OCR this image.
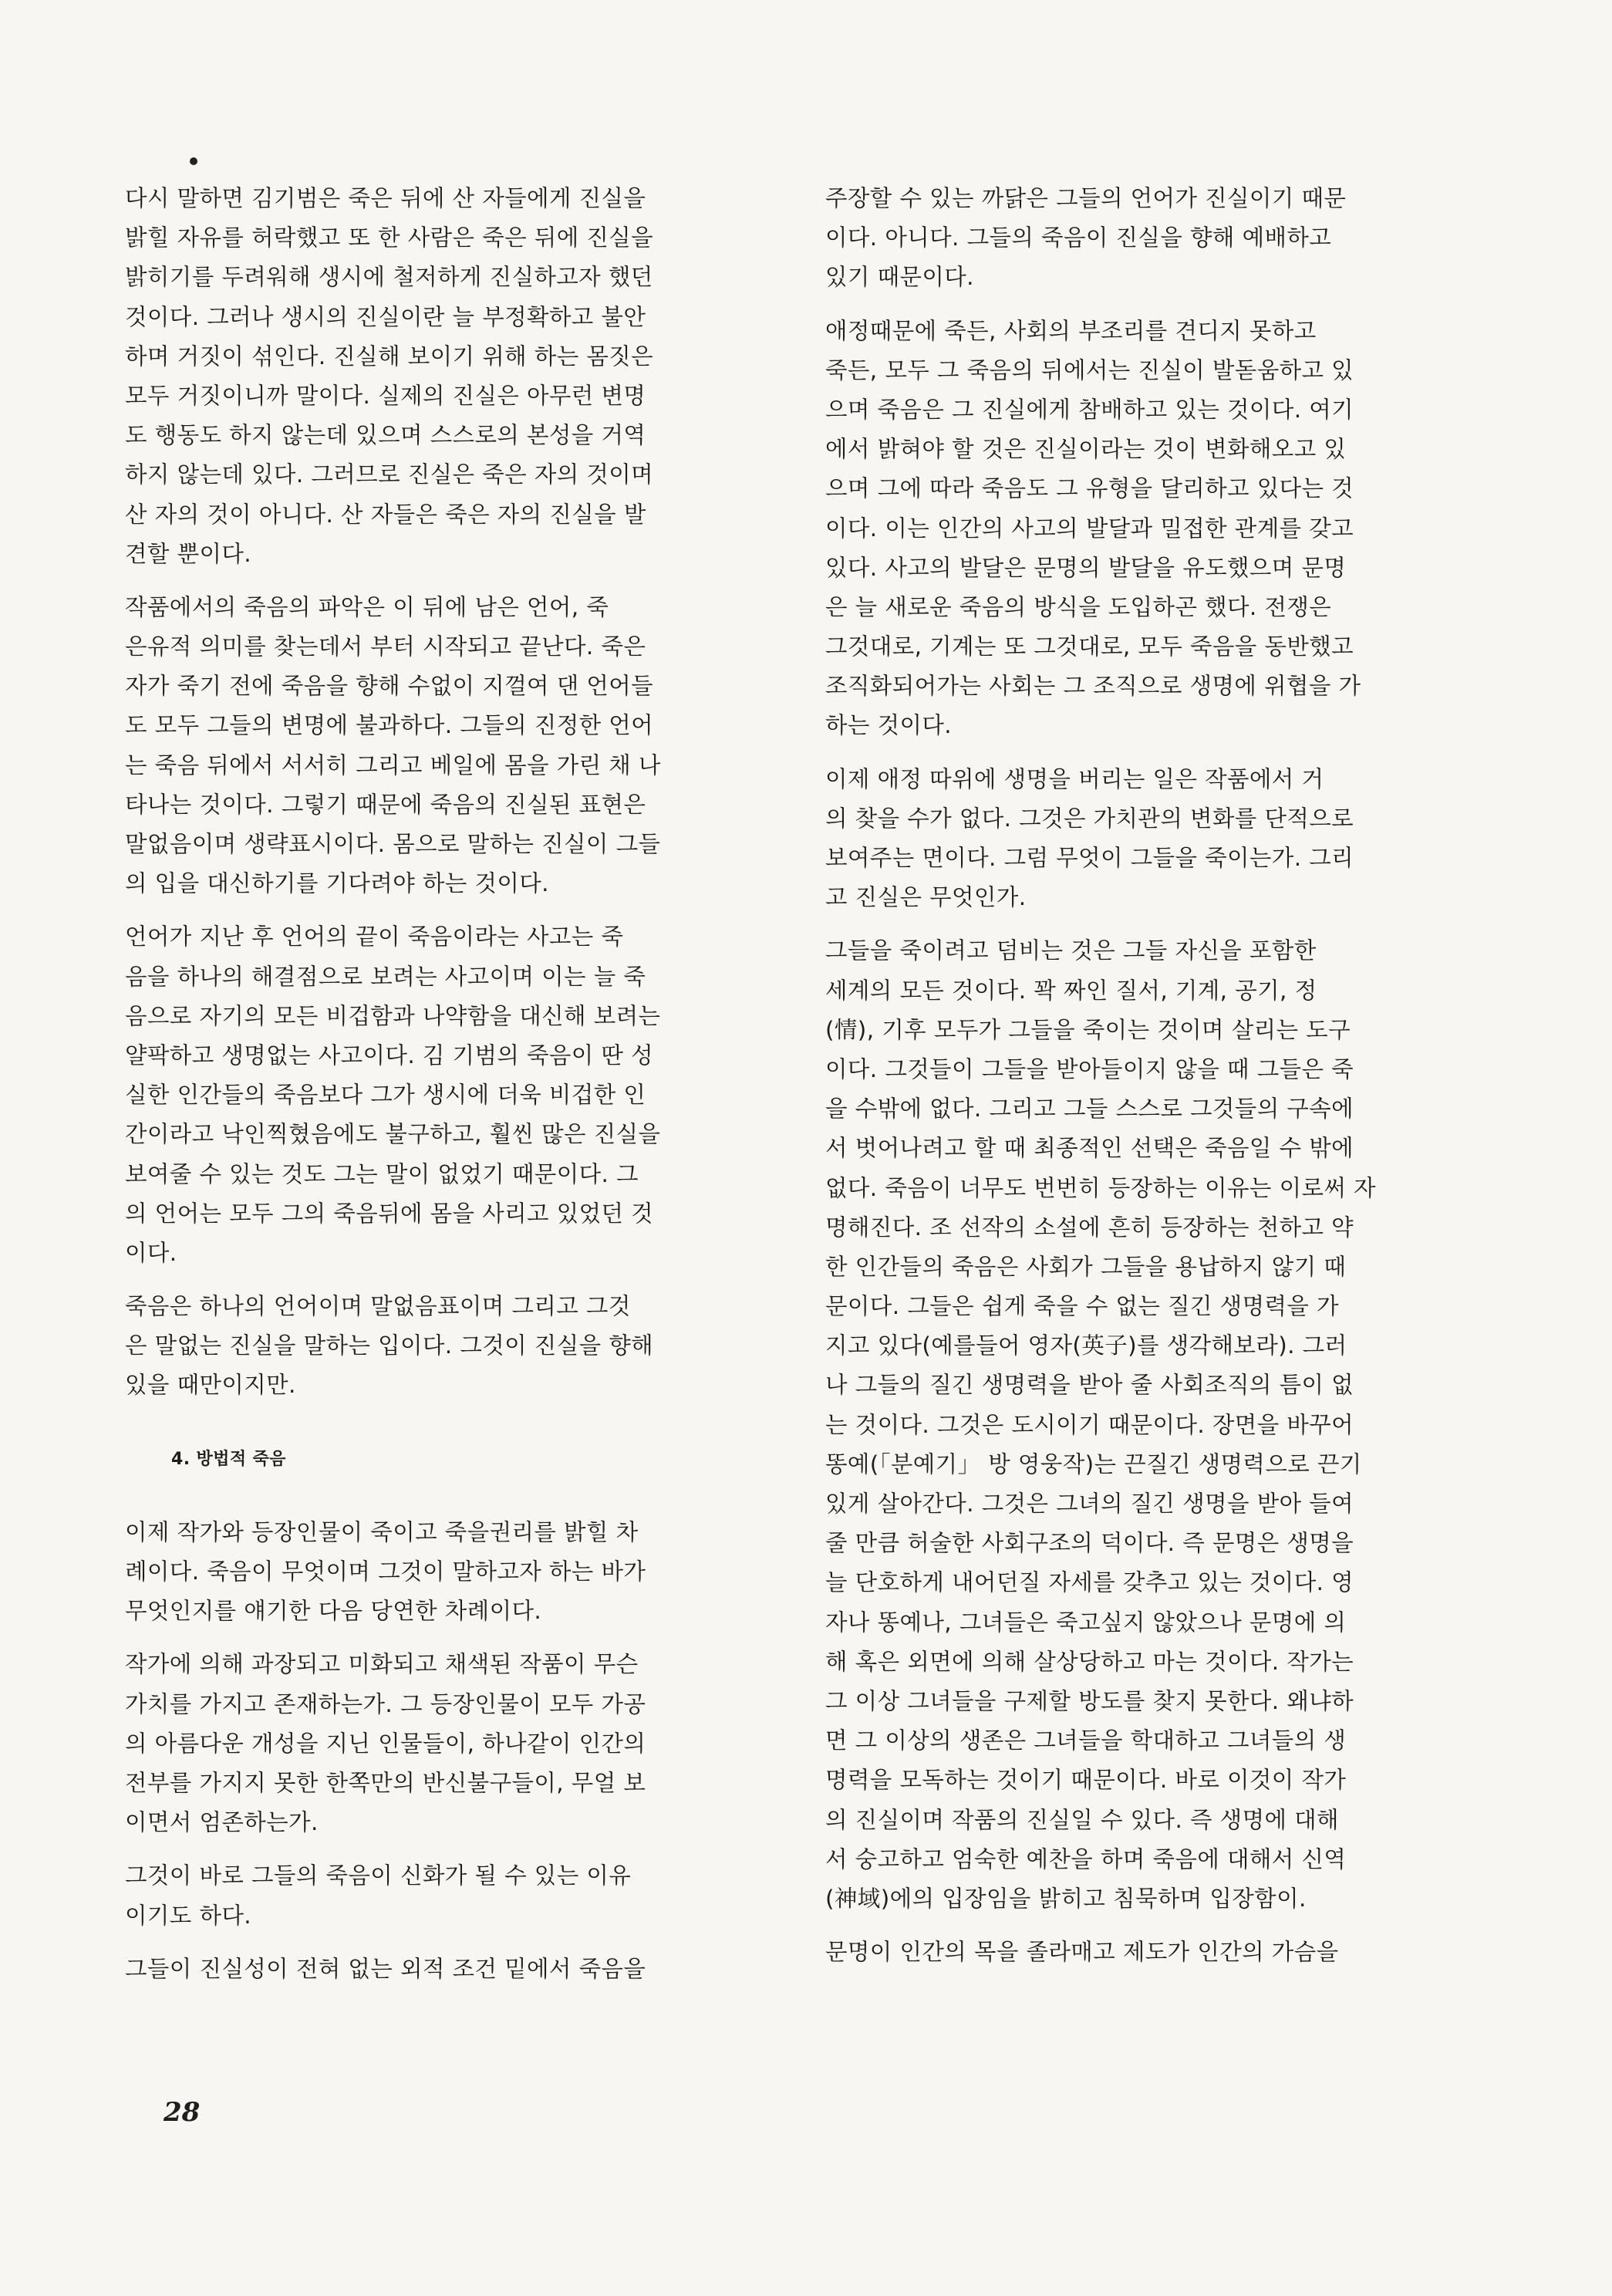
다시 말하면 김기범은 죽은 뒤에 산 자들에게 진실을
밝힐 자유를 허락했고 또 한 사람은 죽은 뒤에 진실을
밝히기를 두려워해 생시에 철저하게 진실하고자 했던
것이다. 그러나 생시의 진실이란 늘 부정확하고 불안
하며 거짓이 섞인다. 진실해 보이기 위해 하는 몸짓은
모두 거짓이니까 말이다. 실제의 진실은 아무런 변명
도 행동도 하지 않는데 있으며 스스로의 본성을 거역
하지 않는데 있다. 그러므로 진실은 죽은 자의 것이며
산 자의 것이 아니다. 산 자들은 죽은 자의 진실을 발
견할 뿐이다.
작품에서의 죽음의 파악은 이 뒤에 남은 언어, 죽
은유적 의미를 찾는데서 부터 시작되고 끝난다. 죽은
자가 죽기 전에 죽음을 향해 수없이 지껄여 댄 언어들
도 모두 그들의 변명에 불과하다. 그들의 진정한 언어
는 죽음 뒤에서 서서히 그리고 베일에 몸을 가린 채 나
타나는 것이다. 그렇기 때문에 죽음의 진실된 표현은
말없음이며 생략표시이다. 몸으로 말하는 진실이 그들
의 입을 대신하기를 기다려야 하는 것이다.
언어가 지난 후 언어의 끝이 죽음이라는 사고는 죽
음을 하나의 해결점으로 보려는 사고이며 이는 늘 죽
음으로 자기의 모든 비겁함과 나약함을 대신해 보려는
얄팍하고 생명없는 사고이다. 김 기범의 죽음이 딴 성
실한 인간들의 죽음보다 그가 생시에 더욱 비겁한 인
간이라고 낙인찍혔음에도 불구하고, 훨씬 많은 진실을
보여줄 수 있는 것도 그는 말이 없었기 때문이다. 그
의 언어는 모두 그의 죽음뒤에 몸을 사리고 있었던 것
이다.
죽음은 하나의 언어이며 말없음표이며 그리고 그것
은 말없는 진실을 말하는 입이다. 그것이 진실을 향해
있을 때만이지만.
4. 방법적 죽음
이제 작가와 등장인물이 죽이고 죽을권리를 밝힐 차
례이다. 죽음이 무엇이며 그것이 말하고자 하는 바가
무엇인지를 얘기한 다음 당연한 차례이다.
작가에 의해 과장되고 미화되고 채색된 작품이 무슨
가치를 가지고 존재하는가. 그 등장인물이 모두 가공
의 아름다운 개성을 지닌 인물들이, 하나같이 인간의
전부를 가지지 못한 한쪽만의 반신불구들이, 무얼 보
이면서 엄존하는가.
그것이 바로 그들의 죽음이 신화가 될 수 있는 이유
이기도 하다.
그들이 진실성이 전혀 없는 외적 조건 밑에서 죽음을
주장할 수 있는 까닭은 그들의 언어가 진실이기 때문
이다. 아니다. 그들의 죽음이 진실을 향해 예배하고
있기 때문이다.
애정때문에 죽든, 사회의 부조리를 견디지 못하고
죽든, 모두 그 죽음의 뒤에서는 진실이 발돋움하고 있
으며 죽음은 그 진실에게 참배하고 있는 것이다. 여기
에서 밝혀야 할 것은 진실이라는 것이 변화해오고 있
으며 그에 따라 죽음도 그 유형을 달리하고 있다는 것
이다. 이는 인간의 사고의 발달과 밀접한 관계를 갖고
있다. 사고의 발달은 문명의 발달을 유도했으며 문명
은 늘 새로운 죽음의 방식을 도입하곤 했다. 전쟁은
그것대로, 기계는 또 그것대로, 모두 죽음을 동반했고
조직화되어가는 사회는 그 조직으로 생명에 위협을 가
하는 것이다.
이제 애정 따위에 생명을 버리는 일은 작품에서 거
의 찾을 수가 없다. 그것은 가치관의 변화를 단적으로
보여주는 면이다. 그럼 무엇이 그들을 죽이는가. 그리
고 진실은 무엇인가.
그들을 죽이려고 덤비는 것은 그들 자신을 포함한
세계의 모든 것이다. 꽉 짜인 질서, 기계, 공기, 정
(情), 기후 모두가 그들을 죽이는 것이며 살리는 도구
이다. 그것들이 그들을 받아들이지 않을 때 그들은 죽
을 수밖에 없다. 그리고 그들 스스로 그것들의 구속에
서 벗어나려고 할 때 최종적인 선택은 죽음일 수 밖에
없다. 죽음이 너무도 번번히 등장하는 이유는 이로써 자
명해진다. 조 선작의 소설에 흔히 등장하는 천하고 약
한 인간들의 죽음은 사회가 그들을 용납하지 않기 때
문이다. 그들은 쉽게 죽을 수 없는 질긴 생명력을 가
지고 있다(예를들어 영자(英子)를 생각해보라). 그러
나 그들의 질긴 생명력을 받아 줄 사회조직의 틈이 없
는 것이다. 그것은 도시이기 때문이다. 장면을 바꾸어
똥예(「분예기」 방 영웅작)는 끈질긴 생명력으로 끈기
있게 살아간다. 그것은 그녀의 질긴 생명을 받아 들여
줄 만큼 허술한 사회구조의 덕이다. 즉 문명은 생명을
늘 단호하게 내어던질 자세를 갖추고 있는 것이다. 영
자나 똥예나, 그녀들은 죽고싶지 않았으나 문명에 의
해 혹은 외면에 의해 살상당하고 마는 것이다. 작가는
그 이상 그녀들을 구제할 방도를 찾지 못한다. 왜냐하
면 그 이상의 생존은 그녀들을 학대하고 그녀들의 생
명력을 모독하는 것이기 때문이다. 바로 이것이 작가
의 진실이며 작품의 진실일 수 있다. 즉 생명에 대해
서 숭고하고 엄숙한 예찬을 하며 죽음에 대해서 신역
(神域)에의 입장임을 밝히고 침묵하며 입장함이.
문명이 인간의 목을 졸라매고 제도가 인간의 가슴을
28
